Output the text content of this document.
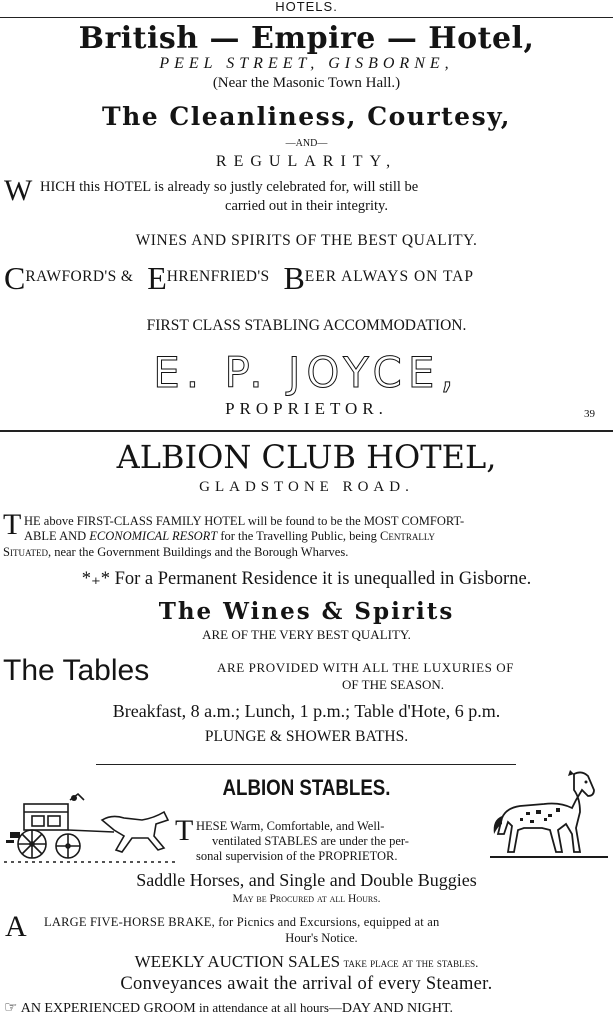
HOTELS.
British — Empire — Hotel,
PEEL STREET, GISBORNE,
(Near the Masonic Town Hall.)
The Cleanliness, Courtesy,
—AND—
REGULARITY,
W HICH this HOTEL is already so justly celebrated for, will still be
carried out in their integrity.
WINES AND SPIRITS OF THE BEST QUALITY.
CRAWFORD'S & EHRENFRIED'S BEER ALWAYS ON TAP
FIRST CLASS STABLING ACCOMMODATION.
E. P. JOYCE,
PROPRIETOR.	39
ALBION CLUB HOTEL,
GLADSTONE ROAD.
T HE above FIRST-CLASS FAMILY HOTEL will be found to be the MOST COMFORT-
ABLE AND ECONOMICAL RESORT for the Travelling Public, being Centrally
Situated, near the Government Buildings and the Borough Wharves.
*₊* For a Permanent Residence it is unequalled in Gisborne.
The Wines & Spirits
ARE OF THE VERY BEST QUALITY.
The Tables	ARE PROVIDED WITH ALL THE LUXURIES OF
OF THE SEASON.
Breakfast, 8 a.m.; Lunch, 1 p.m.; Table d'Hote, 6 p.m.
PLUNGE & SHOWER BATHS.
ALBION STABLES.
T HESE Warm, Comfortable, and Well-
ventilated STABLES are under the per-
sonal supervision of the PROPRIETOR.
Saddle Horses, and Single and Double Buggies
May be Procured at all Hours.
A LARGE FIVE-HORSE BRAKE, for Picnics and Excursions, equipped at an
Hour's Notice.
WEEKLY AUCTION SALES take place at the stables.
Conveyances await the arrival of every Steamer.
☞ AN EXPERIENCED GROOM in attendance at all hours—DAY AND NIGHT.
